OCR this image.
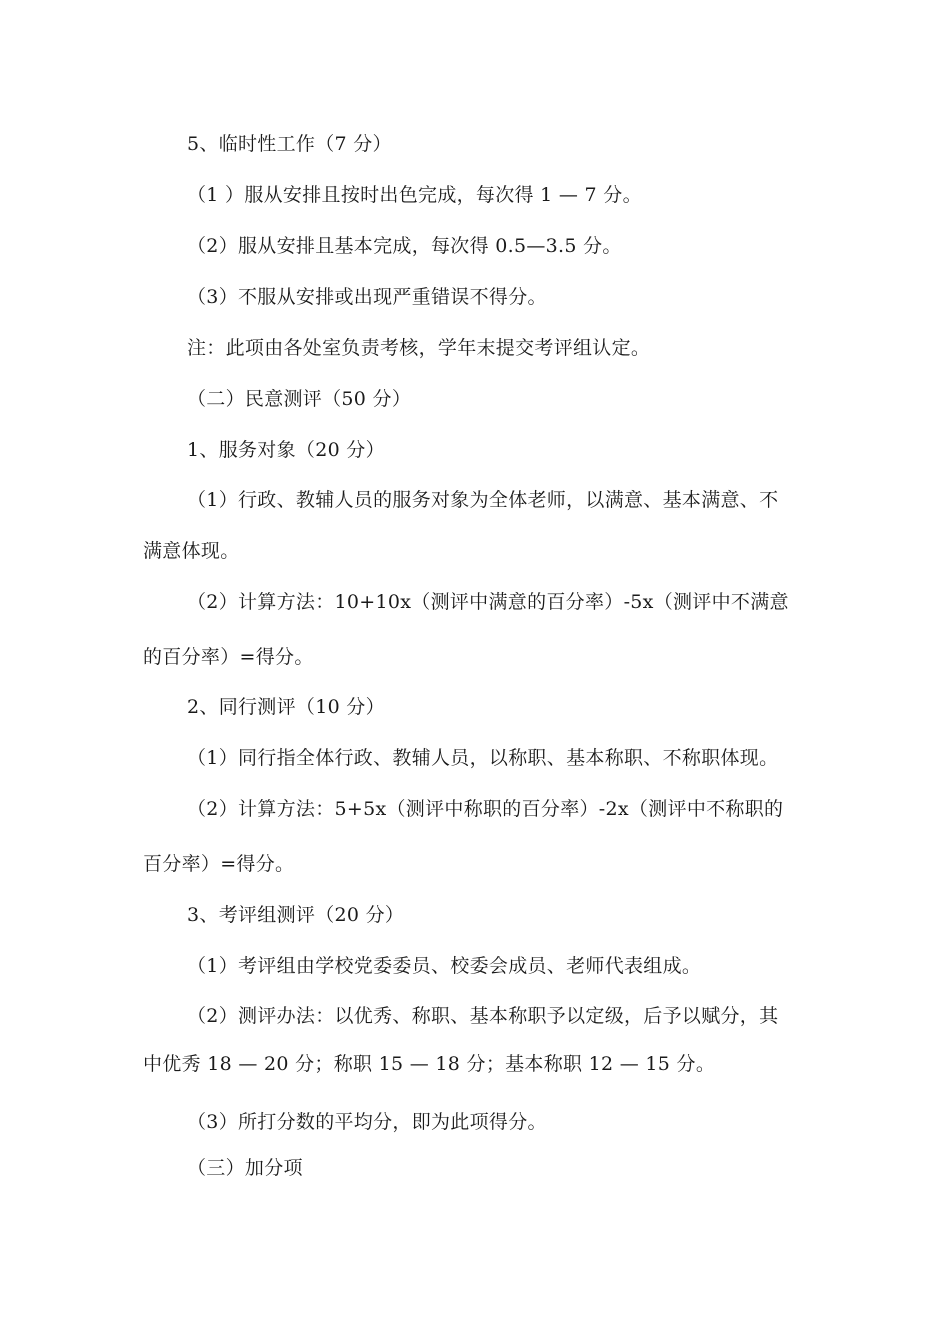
5、临时性工作（7 分）
（1 ）服从安排且按时出色完成，每次得 1 — 7 分。
（2）服从安排且基本完成，每次得 0.5—3.5 分。
（3）不服从安排或出现严重错误不得分。
注：此项由各处室负责考核，学年末提交考评组认定。
（二）民意测评（50 分）
1、服务对象（20 分）
（1）行政、教辅人员的服务对象为全体老师，以满意、基本满意、不
满意体现。
（2）计算方法：10+10x（测评中满意的百分率）-5x（测评中不满意
的百分率）=得分。
2、同行测评（10 分）
（1）同行指全体行政、教辅人员，以称职、基本称职、不称职体现。
（2）计算方法：5+5x（测评中称职的百分率）-2x（测评中不称职的
百分率）=得分。
3、考评组测评（20 分）
（1）考评组由学校党委委员、校委会成员、老师代表组成。
（2）测评办法：以优秀、称职、基本称职予以定级，后予以赋分，其
中优秀 18 — 20 分；称职 15 — 18 分；基本称职 12 — 15 分。
（3）所打分数的平均分，即为此项得分。
（三）加分项
